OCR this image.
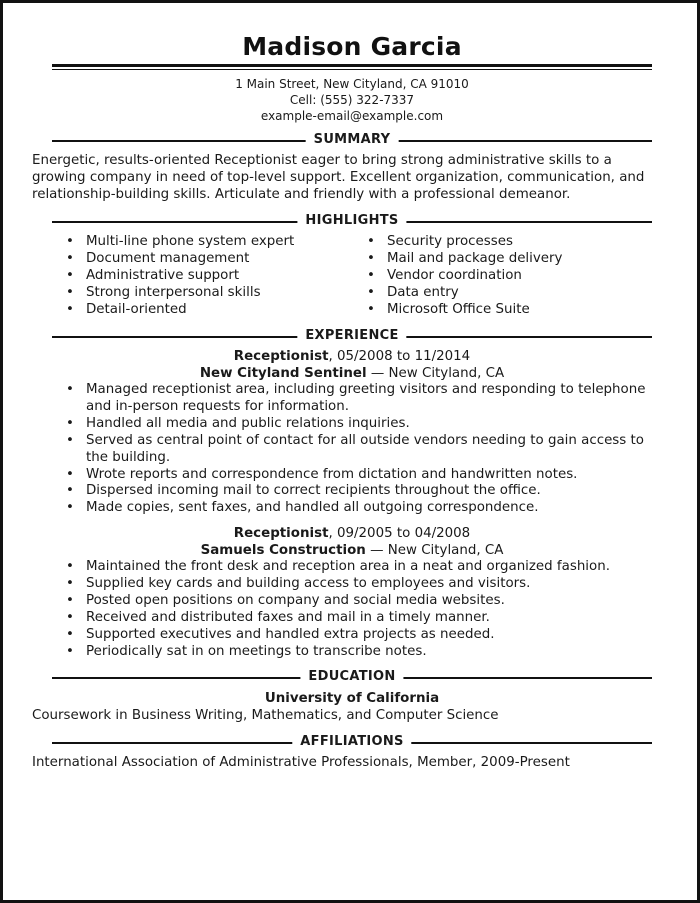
Madison Garcia
1 Main Street, New Cityland, CA 91010
Cell: (555) 322-7337
example-email@example.com
SUMMARY
Energetic, results-oriented Receptionist eager to bring strong administrative skills to a growing company in need of top-level support. Excellent organization, communication, and relationship-building skills. Articulate and friendly with a professional demeanor.
HIGHLIGHTS
• Multi-line phone system expert
• Document management
• Administrative support
• Strong interpersonal skills
• Detail-oriented
• Security processes
• Mail and package delivery
• Vendor coordination
• Data entry
• Microsoft Office Suite
EXPERIENCE
Receptionist, 05/2008 to 11/2014
New Cityland Sentinel — New Cityland, CA
• Managed receptionist area, including greeting visitors and responding to telephone and in-person requests for information.
• Handled all media and public relations inquiries.
• Served as central point of contact for all outside vendors needing to gain access to the building.
• Wrote reports and correspondence from dictation and handwritten notes.
• Dispersed incoming mail to correct recipients throughout the office.
• Made copies, sent faxes, and handled all outgoing correspondence.
Receptionist, 09/2005 to 04/2008
Samuels Construction — New Cityland, CA
• Maintained the front desk and reception area in a neat and organized fashion.
• Supplied key cards and building access to employees and visitors.
• Posted open positions on company and social media websites.
• Received and distributed faxes and mail in a timely manner.
• Supported executives and handled extra projects as needed.
• Periodically sat in on meetings to transcribe notes.
EDUCATION
University of California
Coursework in Business Writing, Mathematics, and Computer Science
AFFILIATIONS
International Association of Administrative Professionals, Member, 2009-Present
